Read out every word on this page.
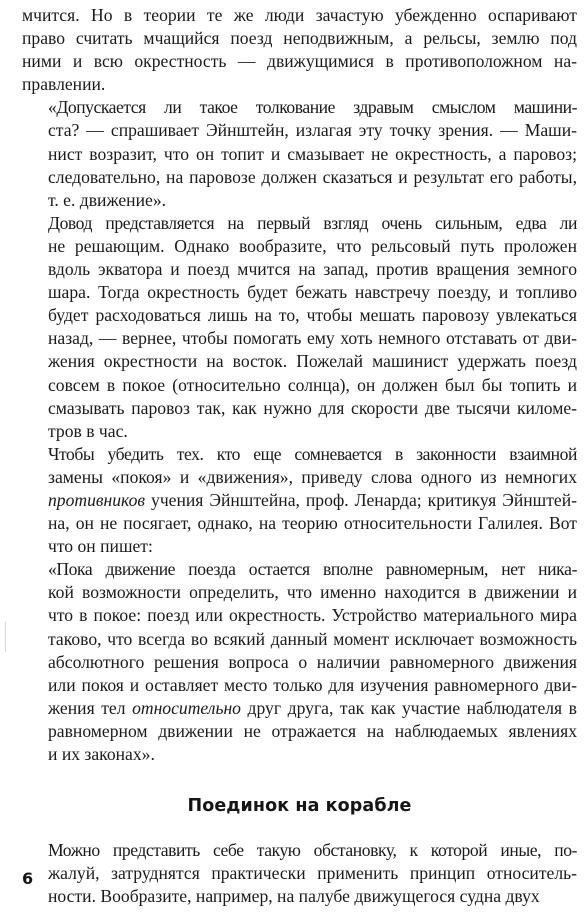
мчится. Но в теории те же люди зачастую убежденно оспаривают
право считать мчащийся поезд неподвижным, а рельсы, землю под
ними и всю окрестность — движущимися в противоположном на-
правлении.

«Допускается ли такое толкование здравым смыслом машини-
ста? — спрашивает Эйнштейн, излагая эту точку зрения. — Маши-
нист возразит, что он топит и смазывает не окрестность, а паровоз;
следовательно, на паровозе должен сказаться и результат его работы,
т. е. движение».

Довод представляется на первый взгляд очень сильным, едва ли
не решающим. Однако вообразите, что рельсовый путь проложен
вдоль экватора и поезд мчится на запад, против вращения земного
шара. Тогда окрестность будет бежать навстречу поезду, и топливо
будет расходоваться лишь на то, чтобы мешать паровозу увлекаться
назад, — вернее, чтобы помогать ему хоть немного отставать от дви-
жения окрестности на восток. Пожелай машинист удержать поезд
совсем в покое (относительно солнца), он должен был бы топить и
смазывать паровоз так, как нужно для скорости две тысячи киломе-
тров в час.

Чтобы убедить тех. кто еще сомневается в законности взаимной
замены «покоя» и «движения», приведу слова одного из немногих
противников учения Эйнштейна, проф. Ленарда; критикуя Эйнштей-
на, он не посягает, однако, на теорию относительности Галилея. Вот
что он пишет:

«Пока движение поезда остается вполне равномерным, нет никa-
кой возможности определить, что именно находится в движении и
что в покое: поезд или окрестность. Устройство материального мира
таково, что всегда во всякий данный момент исключает возможность
абсолютного решения вопроса о наличии равномерного движения
или покоя и оставляет место только для изучения равномерного дви-
жения тел относительно друг друга, так как участие наблюдателя в
равномерном движении не отражается на наблюдаемых явлениях
и их законах».

Поединок на корабле

Можно представить себе такую обстановку, к которой иные, по-
жалуй, затруднятся практически применить принцип относитель-
ности. Вообразите, например, на палубе движущегося судна двух

6
